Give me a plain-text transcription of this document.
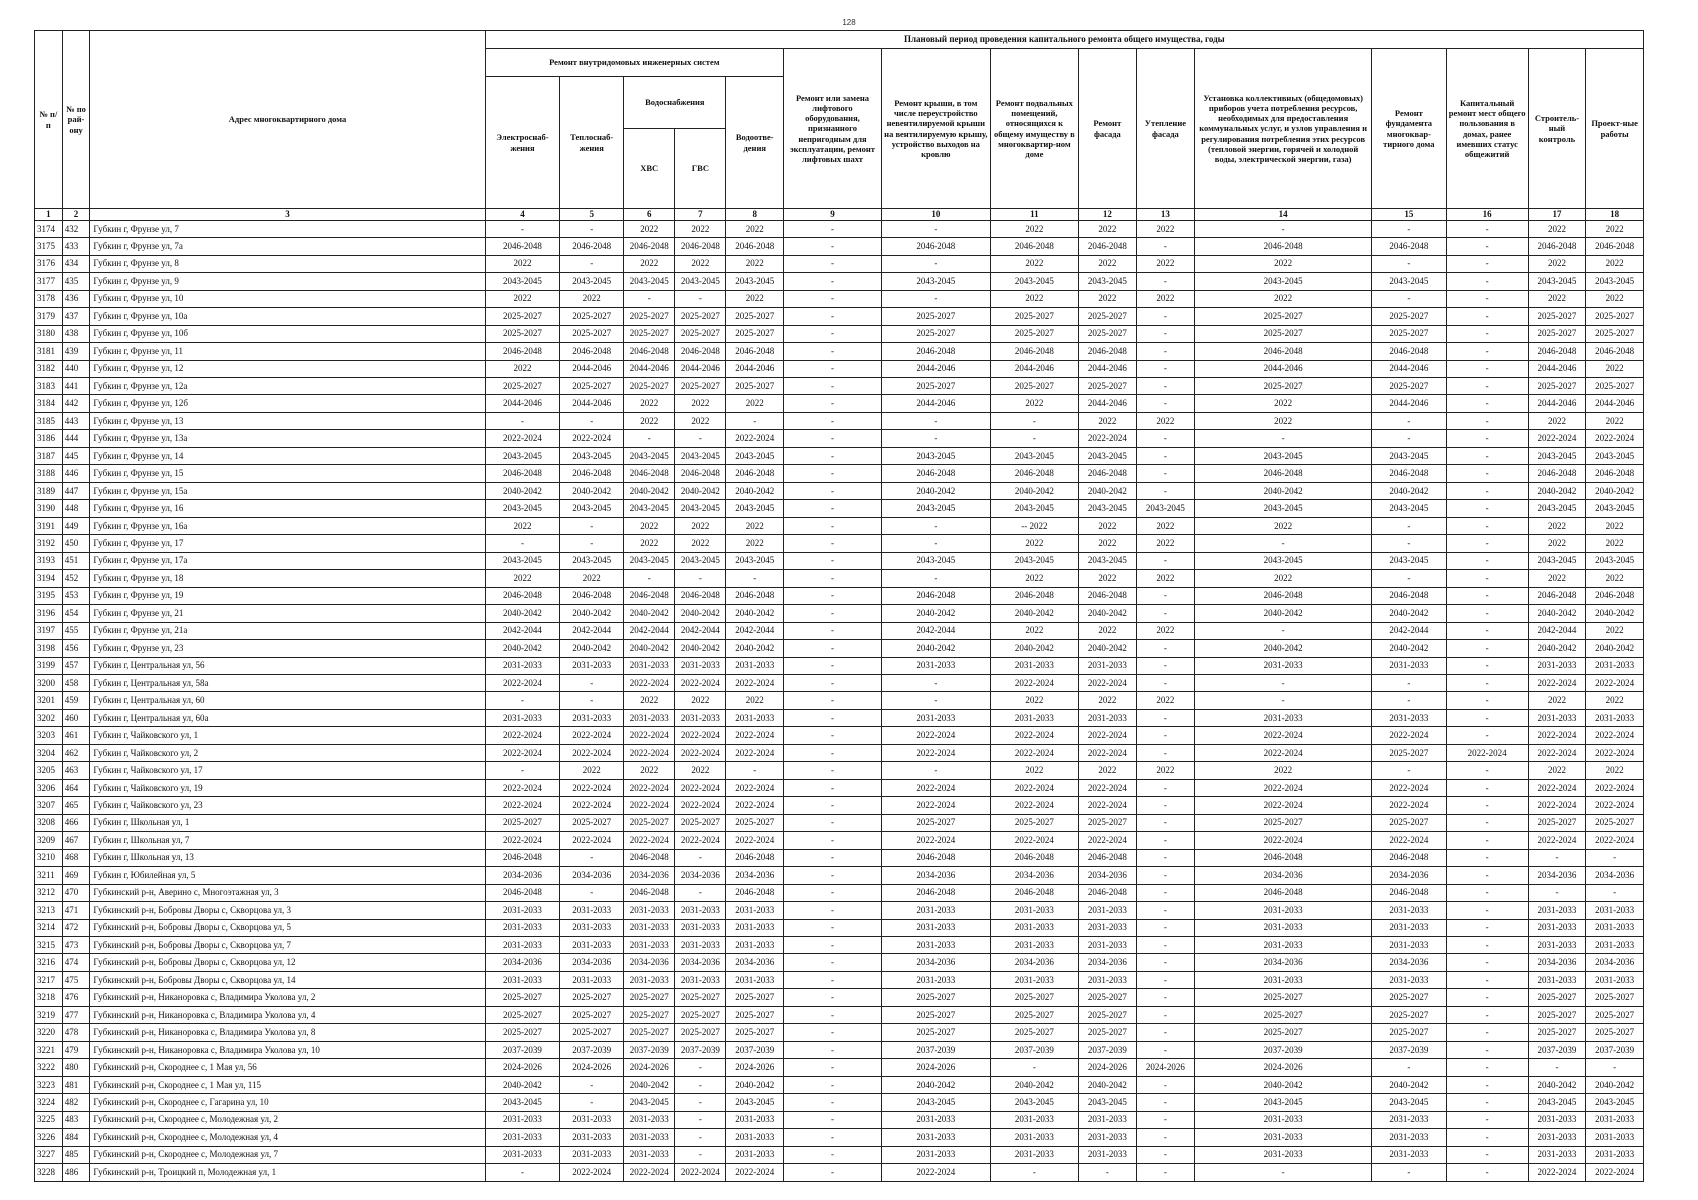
128
№ п/п	№ по рай-ону	Адрес многоквартирного дома	Плановый период проведения капитального ремонта общего имущества, годы														
			Ремонт внутридомовых инженерных систем					Ремонт или замена лифтового оборудования, признанного непригодным для эксплуатации, ремонт лифтовых шахт	Ремонт крыши, в том числе переустройство невентилируемой крыши на вентилируемую крышу, устройство выходов на кровлю	Ремонт подвальных помещений, относящихся к общему имуществу в многоквартир-ном доме	Ремонт фасада	Утепление фасада	Установка коллективных (общедомовых) приборов учета потребления ресурсов, необходимых для предоставления коммунальных услуг, и узлов управления и регулирования потребления этих ресурсов (тепловой энергии, горячей и холодной воды, электрической энергии, газа)	Ремонт фундамента многоквар-тирного дома	Капитальный ремонт мест общего пользования в домах, ранее имевших статус общежитий	Строитель-ный контроль	Проект-ные работы
			Электроснаб-жения	Теплоснаб-жения	Водоснабжения		Водоотве-дения										
					ХВС	ГВС											
1	2	3	4	5	6	7	8	9	10	11	12	13	14	15	16	17	18
3174	432	Губкин г, Фрунзе ул, 7	-	-	2022	2022	2022	-	-	2022	2022	2022	-	-	-	2022	2022
3175	433	Губкин г, Фрунзе ул, 7а	2046-2048	2046-2048	2046-2048	2046-2048	2046-2048	-	2046-2048	2046-2048	2046-2048	-	2046-2048	2046-2048	-	2046-2048	2046-2048
3176	434	Губкин г, Фрунзе ул, 8	2022	-	2022	2022	2022	-	-	2022	2022	2022	2022	-	-	2022	2022
3177	435	Губкин г, Фрунзе ул, 9	2043-2045	2043-2045	2043-2045	2043-2045	2043-2045	-	2043-2045	2043-2045	2043-2045	-	2043-2045	2043-2045	-	2043-2045	2043-2045
3178	436	Губкин г, Фрунзе ул, 10	2022	2022	-	-	2022	-	-	2022	2022	2022	2022	-	-	2022	2022
3179	437	Губкин г, Фрунзе ул, 10а	2025-2027	2025-2027	2025-2027	2025-2027	2025-2027	-	2025-2027	2025-2027	2025-2027	-	2025-2027	2025-2027	-	2025-2027	2025-2027
3180	438	Губкин г, Фрунзе ул, 10б	2025-2027	2025-2027	2025-2027	2025-2027	2025-2027	-	2025-2027	2025-2027	2025-2027	-	2025-2027	2025-2027	-	2025-2027	2025-2027
3181	439	Губкин г, Фрунзе ул, 11	2046-2048	2046-2048	2046-2048	2046-2048	2046-2048	-	2046-2048	2046-2048	2046-2048	-	2046-2048	2046-2048	-	2046-2048	2046-2048
3182	440	Губкин г, Фрунзе ул, 12	2022	2044-2046	2044-2046	2044-2046	2044-2046	-	2044-2046	2044-2046	2044-2046	-	2044-2046	2044-2046	-	2044-2046	2022
3183	441	Губкин г, Фрунзе ул, 12а	2025-2027	2025-2027	2025-2027	2025-2027	2025-2027	-	2025-2027	2025-2027	2025-2027	-	2025-2027	2025-2027	-	2025-2027	2025-2027
3184	442	Губкин г, Фрунзе ул, 12б	2044-2046	2044-2046	2022	2022	2022	-	2044-2046	2022	2044-2046	-	2022	2044-2046	-	2044-2046	2044-2046
3185	443	Губкин г, Фрунзе ул, 13	-	-	2022	2022	-	-	-	-	2022	2022	2022	-	-	2022	2022
3186	444	Губкин г, Фрунзе ул, 13а	2022-2024	2022-2024	-	-	2022-2024	-	-	-	2022-2024	-	-	-	-	2022-2024	2022-2024
3187	445	Губкин г, Фрунзе ул, 14	2043-2045	2043-2045	2043-2045	2043-2045	2043-2045	-	2043-2045	2043-2045	2043-2045	-	2043-2045	2043-2045	-	2043-2045	2043-2045
3188	446	Губкин г, Фрунзе ул, 15	2046-2048	2046-2048	2046-2048	2046-2048	2046-2048	-	2046-2048	2046-2048	2046-2048	-	2046-2048	2046-2048	-	2046-2048	2046-2048
3189	447	Губкин г, Фрунзе ул, 15а	2040-2042	2040-2042	2040-2042	2040-2042	2040-2042	-	2040-2042	2040-2042	2040-2042	-	2040-2042	2040-2042	-	2040-2042	2040-2042
3190	448	Губкин г, Фрунзе ул, 16	2043-2045	2043-2045	2043-2045	2043-2045	2043-2045	-	2043-2045	2043-2045	2043-2045	2043-2045	2043-2045	2043-2045	-	2043-2045	2043-2045
3191	449	Губкин г, Фрунзе ул, 16а	2022	-	2022	2022	2022	-	-	-- 2022	2022	2022	2022	-	-	2022	2022
3192	450	Губкин г, Фрунзе ул, 17	-	-	2022	2022	2022	-	-	2022	2022	2022	-	-	-	2022	2022
3193	451	Губкин г, Фрунзе ул, 17а	2043-2045	2043-2045	2043-2045	2043-2045	2043-2045	-	2043-2045	2043-2045	2043-2045	-	2043-2045	2043-2045	-	2043-2045	2043-2045
3194	452	Губкин г, Фрунзе ул, 18	2022	2022	-	-	-	-	-	2022	2022	2022	2022	-	-	2022	2022
3195	453	Губкин г, Фрунзе ул, 19	2046-2048	2046-2048	2046-2048	2046-2048	2046-2048	-	2046-2048	2046-2048	2046-2048	-	2046-2048	2046-2048	-	2046-2048	2046-2048
3196	454	Губкин г, Фрунзе ул, 21	2040-2042	2040-2042	2040-2042	2040-2042	2040-2042	-	2040-2042	2040-2042	2040-2042	-	2040-2042	2040-2042	-	2040-2042	2040-2042
3197	455	Губкин г, Фрунзе ул, 21а	2042-2044	2042-2044	2042-2044	2042-2044	2042-2044	-	2042-2044	2022	2022	2022	-	2042-2044	-	2042-2044	2022
3198	456	Губкин г, Фрунзе ул, 23	2040-2042	2040-2042	2040-2042	2040-2042	2040-2042	-	2040-2042	2040-2042	2040-2042	-	2040-2042	2040-2042	-	2040-2042	2040-2042
3199	457	Губкин г, Центральная ул, 56	2031-2033	2031-2033	2031-2033	2031-2033	2031-2033	-	2031-2033	2031-2033	2031-2033	-	2031-2033	2031-2033	-	2031-2033	2031-2033
3200	458	Губкин г, Центральная ул, 58а	2022-2024	-	2022-2024	2022-2024	2022-2024	-	-	2022-2024	2022-2024	-	-	-	-	2022-2024	2022-2024
3201	459	Губкин г, Центральная ул, 60	-	-	2022	2022	2022	-	-	2022	2022	2022	-	-	-	2022	2022
3202	460	Губкин г, Центральная ул, 60а	2031-2033	2031-2033	2031-2033	2031-2033	2031-2033	-	2031-2033	2031-2033	2031-2033	-	2031-2033	2031-2033	-	2031-2033	2031-2033
3203	461	Губкин г, Чайковского ул, 1	2022-2024	2022-2024	2022-2024	2022-2024	2022-2024	-	2022-2024	2022-2024	2022-2024	-	2022-2024	2022-2024	-	2022-2024	2022-2024
3204	462	Губкин г, Чайковского ул, 2	2022-2024	2022-2024	2022-2024	2022-2024	2022-2024	-	2022-2024	2022-2024	2022-2024	-	2022-2024	2025-2027	2022-2024	2022-2024	2022-2024
3205	463	Губкин г, Чайковского ул, 17	-	2022	2022	2022	-	-	-	2022	2022	2022	2022	-	-	2022	2022
3206	464	Губкин г, Чайковского ул, 19	2022-2024	2022-2024	2022-2024	2022-2024	2022-2024	-	2022-2024	2022-2024	2022-2024	-	2022-2024	2022-2024	-	2022-2024	2022-2024
3207	465	Губкин г, Чайковского ул, 23	2022-2024	2022-2024	2022-2024	2022-2024	2022-2024	-	2022-2024	2022-2024	2022-2024	-	2022-2024	2022-2024	-	2022-2024	2022-2024
3208	466	Губкин г, Школьная ул, 1	2025-2027	2025-2027	2025-2027	2025-2027	2025-2027	-	2025-2027	2025-2027	2025-2027	-	2025-2027	2025-2027	-	2025-2027	2025-2027
3209	467	Губкин г, Школьная ул, 7	2022-2024	2022-2024	2022-2024	2022-2024	2022-2024	-	2022-2024	2022-2024	2022-2024	-	2022-2024	2022-2024	-	2022-2024	2022-2024
3210	468	Губкин г, Школьная ул, 13	2046-2048	-	2046-2048	-	2046-2048	-	2046-2048	2046-2048	2046-2048	-	2046-2048	2046-2048	-	-	-
3211	469	Губкин г, Юбилейная ул, 5	2034-2036	2034-2036	2034-2036	2034-2036	2034-2036	-	2034-2036	2034-2036	2034-2036	-	2034-2036	2034-2036	-	2034-2036	2034-2036
3212	470	Губкинский р-н, Аверино с, Многоэтажная ул, 3	2046-2048	-	2046-2048	-	2046-2048	-	2046-2048	2046-2048	2046-2048	-	2046-2048	2046-2048	-	-	-
3213	471	Губкинский р-н, Бобровы Дворы с, Скворцова ул, 3	2031-2033	2031-2033	2031-2033	2031-2033	2031-2033	-	2031-2033	2031-2033	2031-2033	-	2031-2033	2031-2033	-	2031-2033	2031-2033
3214	472	Губкинский р-н, Бобровы Дворы с, Скворцова ул, 5	2031-2033	2031-2033	2031-2033	2031-2033	2031-2033	-	2031-2033	2031-2033	2031-2033	-	2031-2033	2031-2033	-	2031-2033	2031-2033
3215	473	Губкинский р-н, Бобровы Дворы с, Скворцова ул, 7	2031-2033	2031-2033	2031-2033	2031-2033	2031-2033	-	2031-2033	2031-2033	2031-2033	-	2031-2033	2031-2033	-	2031-2033	2031-2033
3216	474	Губкинский р-н, Бобровы Дворы с, Скворцова ул, 12	2034-2036	2034-2036	2034-2036	2034-2036	2034-2036	-	2034-2036	2034-2036	2034-2036	-	2034-2036	2034-2036	-	2034-2036	2034-2036
3217	475	Губкинский р-н, Бобровы Дворы с, Скворцова ул, 14	2031-2033	2031-2033	2031-2033	2031-2033	2031-2033	-	2031-2033	2031-2033	2031-2033	-	2031-2033	2031-2033	-	2031-2033	2031-2033
3218	476	Губкинский р-н, Никаноровка с, Владимира Уколова ул, 2	2025-2027	2025-2027	2025-2027	2025-2027	2025-2027	-	2025-2027	2025-2027	2025-2027	-	2025-2027	2025-2027	-	2025-2027	2025-2027
3219	477	Губкинский р-н, Никаноровка с, Владимира Уколова ул, 4	2025-2027	2025-2027	2025-2027	2025-2027	2025-2027	-	2025-2027	2025-2027	2025-2027	-	2025-2027	2025-2027	-	2025-2027	2025-2027
3220	478	Губкинский р-н, Никаноровка с, Владимира Уколова ул, 8	2025-2027	2025-2027	2025-2027	2025-2027	2025-2027	-	2025-2027	2025-2027	2025-2027	-	2025-2027	2025-2027	-	2025-2027	2025-2027
3221	479	Губкинский р-н, Никаноровка с, Владимира Уколова ул, 10	2037-2039	2037-2039	2037-2039	2037-2039	2037-2039	-	2037-2039	2037-2039	2037-2039	-	2037-2039	2037-2039	-	2037-2039	2037-2039
3222	480	Губкинский р-н, Скороднее с, 1 Мая ул, 56	2024-2026	2024-2026	2024-2026	-	2024-2026	-	2024-2026	-	2024-2026	2024-2026	2024-2026	-	-	-	-
3223	481	Губкинский р-н, Скороднее с, 1 Мая ул, 115	2040-2042	-	2040-2042	-	2040-2042	-	2040-2042	2040-2042	2040-2042	-	2040-2042	2040-2042	-	2040-2042	2040-2042
3224	482	Губкинский р-н, Скороднее с, Гагарина ул, 10	2043-2045	-	2043-2045	-	2043-2045	-	2043-2045	2043-2045	2043-2045	-	2043-2045	2043-2045	-	2043-2045	2043-2045
3225	483	Губкинский р-н, Скороднее с, Молодежная ул, 2	2031-2033	2031-2033	2031-2033	-	2031-2033	-	2031-2033	2031-2033	2031-2033	-	2031-2033	2031-2033	-	2031-2033	2031-2033
3226	484	Губкинский р-н, Скороднее с, Молодежная ул, 4	2031-2033	2031-2033	2031-2033	-	2031-2033	-	2031-2033	2031-2033	2031-2033	-	2031-2033	2031-2033	-	2031-2033	2031-2033
3227	485	Губкинский р-н, Скороднее с, Молодежная ул, 7	2031-2033	2031-2033	2031-2033	-	2031-2033	-	2031-2033	2031-2033	2031-2033	-	2031-2033	2031-2033	-	2031-2033	2031-2033
3228	486	Губкинский р-н, Троицкий п, Молодежная ул, 1	-	2022-2024	2022-2024	2022-2024	2022-2024	-	2022-2024	-	-	-	-	-	-	2022-2024	2022-2024
